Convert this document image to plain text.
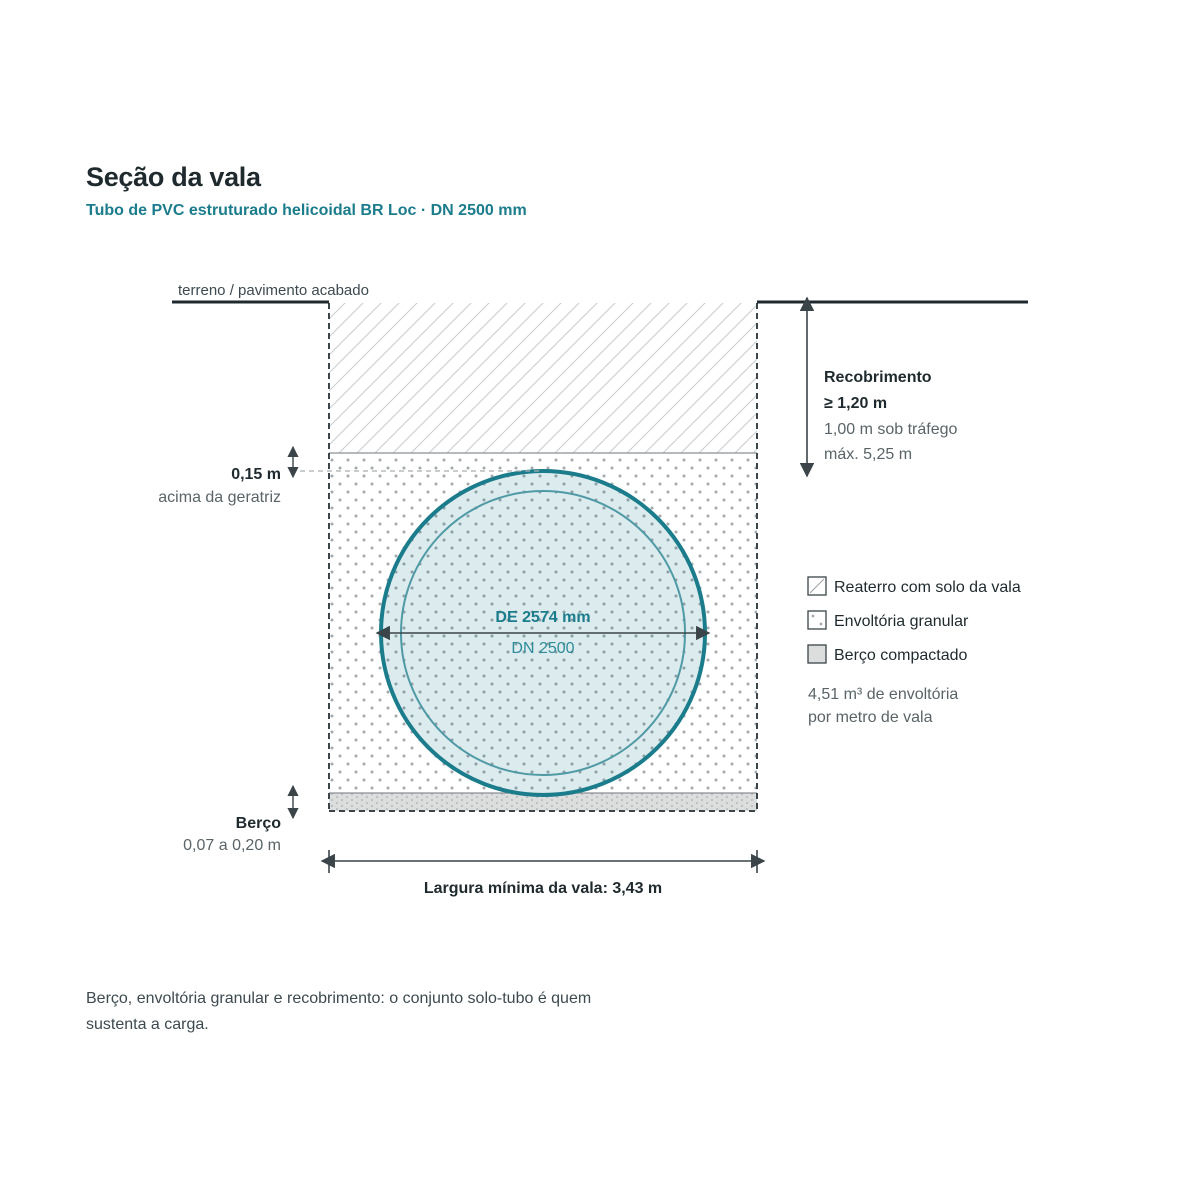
Seção da vala
Tubo de PVC estruturado helicoidal BR Loc · DN 2500 mm
DE 2574 mm
DN 2500
terreno / pavimento acabado
Recobrimento
≥ 1,20 m
1,00 m sob tráfego
máx. 5,25 m
0,15 m
acima da geratriz
Berço
0,07 a 0,20 m
Largura mínima da vala: 3,43 m
Reaterro com solo da vala
Envoltória granular
Berço compactado
4,51 m³ de envoltória
por metro de vala
Berço, envoltória granular e recobrimento: o conjunto solo-tubo é quem sustenta a carga.
